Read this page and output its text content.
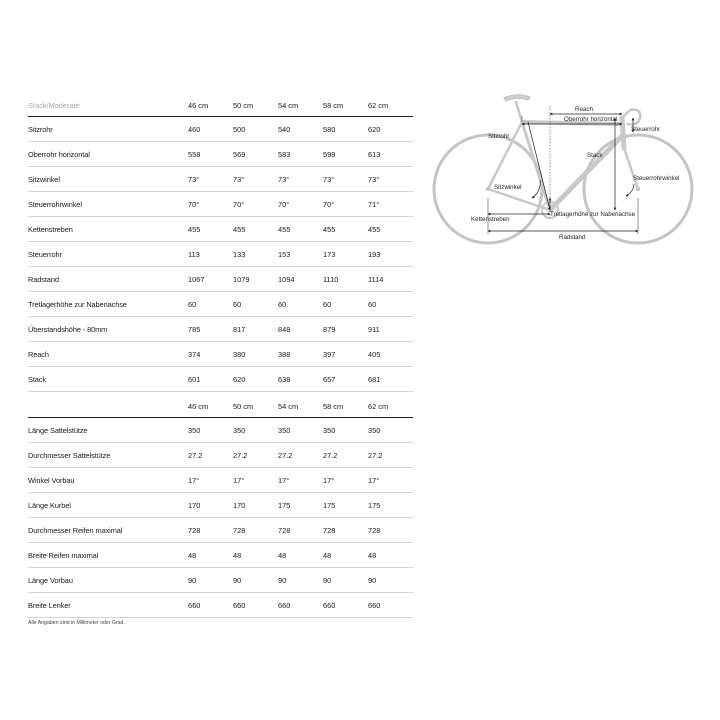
Stack/Moderate	46 cm	50 cm	54 cm	58 cm	62 cm
Sitzrohr	460	500	540	580	620
Oberrohr horizontal	558	569	583	598	613
Sitzwinkel	73°	73°	73°	73°	73°
Steuerrohrwinkel	70°	70°	70°	70°	71°
Kettenstreben	455	455	455	455	455
Steuerrohr	113	133	153	173	193
Radstand	1067	1079	1094	1110	1114
Tretlagerhöhe zur Nabenachse	60	60	60	60	60
Überstandshöhe - 80mm	785	817	848	879	911
Reach	374	380	388	397	405
Stack	601	620	638	657	681
	46 cm	50 cm	54 cm	58 cm	62 cm
Länge Sattelstütze	350	350	350	350	350
Durchmesser Sattelstütze	27.2	27.2	27.2	27.2	27.2
Winkel Vorbau	17°	17°	17°	17°	17°
Länge Kurbel	170	170	175	175	175
Durchmesser Reifen maximal	728	728	728	728	728
Breite Reifen maximal	48	48	48	48	48
Länge Vorbau	90	90	90	90	90
Breite Lenker	660	660	660	660	660
Alle Angaben sind in Millimeter oder Grad.
Reach
Oberrohr horizontal
Steuerrohr
Sitzrohr
Stack
Sitzwinkel
Steuerrohrwinkel
Kettenstreben
Tretlagerhöhe zur Nabenachse
Radstand
